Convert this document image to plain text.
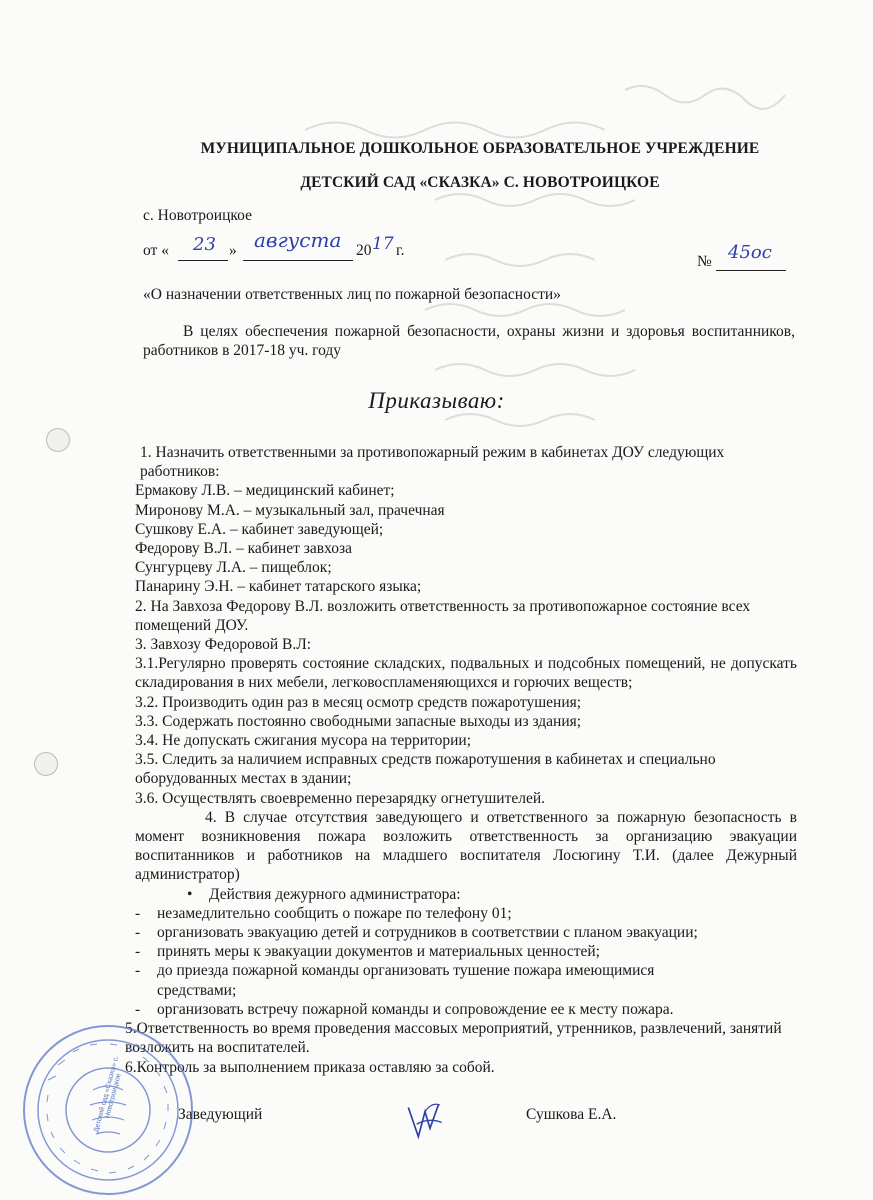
МУНИЦИПАЛЬНОЕ ДОШКОЛЬНОЕ ОБРАЗОВАТЕЛЬНОЕ УЧРЕЖДЕНИЕ
ДЕТСКИЙ САД «СКАЗКА» С. НОВОТРОИЦКОЕ
с. Новотроицкое
от « 23 » августа 20 17 г.
№ 45ос
«О назначении ответственных лиц по пожарной безопасности»

В целях обеспечения пожарной безопасности, охраны жизни и здоровья воспитанников, работников в 2017-18 уч. году

Приказываю:

1. Назначить ответственными за противопожарный режим в кабинетах ДОУ следующих работников:

Ермакову Л.В. – медицинский кабинет;

Миронову М.А. – музыкальный зал, прачечная

Сушкову Е.А. – кабинет заведующей;

Федорову В.Л. – кабинет завхоза

Сунгурцеву Л.А. – пищеблок;

Панарину Э.Н. – кабинет татарского языка;

2. На Завхоза Федорову В.Л. возложить ответственность за противопожарное состояние всех помещений ДОУ.

3. Завхозу Федоровой В.Л:

3.1.Регулярно проверять состояние складских, подвальных и подсобных помещений, не допускать складирования в них мебели, легковоспламеняющихся и горючих веществ;

3.2. Производить один раз в месяц осмотр средств пожаротушения;

3.3. Содержать постоянно свободными запасные выходы из здания;

3.4. Не допускать сжигания мусора на территории;

3.5. Следить за наличием исправных средств пожаротушения в кабинетах и специально оборудованных местах в здании;

3.6. Осуществлять своевременно перезарядку огнетушителей.

4. В случае отсутствия заведующего и ответственного за пожарную безопасность в момент возникновения пожара возложить ответственность за организацию эвакуации воспитанников и работников на младшего воспитателя Лосюгину Т.И. (далее Дежурный администратор)

•	Действия дежурного администратора:
-	незамедлительно сообщить о пожаре по телефону 01;
-	организовать эвакуацию детей и сотрудников в соответствии с планом эвакуации;
-	принять меры к эвакуации документов и материальных ценностей;
-	до приезда пожарной команды организовать тушение пожара имеющимися средствами;
-	организовать встречу пожарной команды и сопровождение ее к месту пожара.

5.Ответственность во время проведения массовых мероприятий, утренников, развлечений, занятий возложить на воспитателей.

6.Контроль за выполнением приказа оставляю за собой.

Детский сад «Сказка» с. Новотроицкое	Заведующий	Сушкова Е.А.
